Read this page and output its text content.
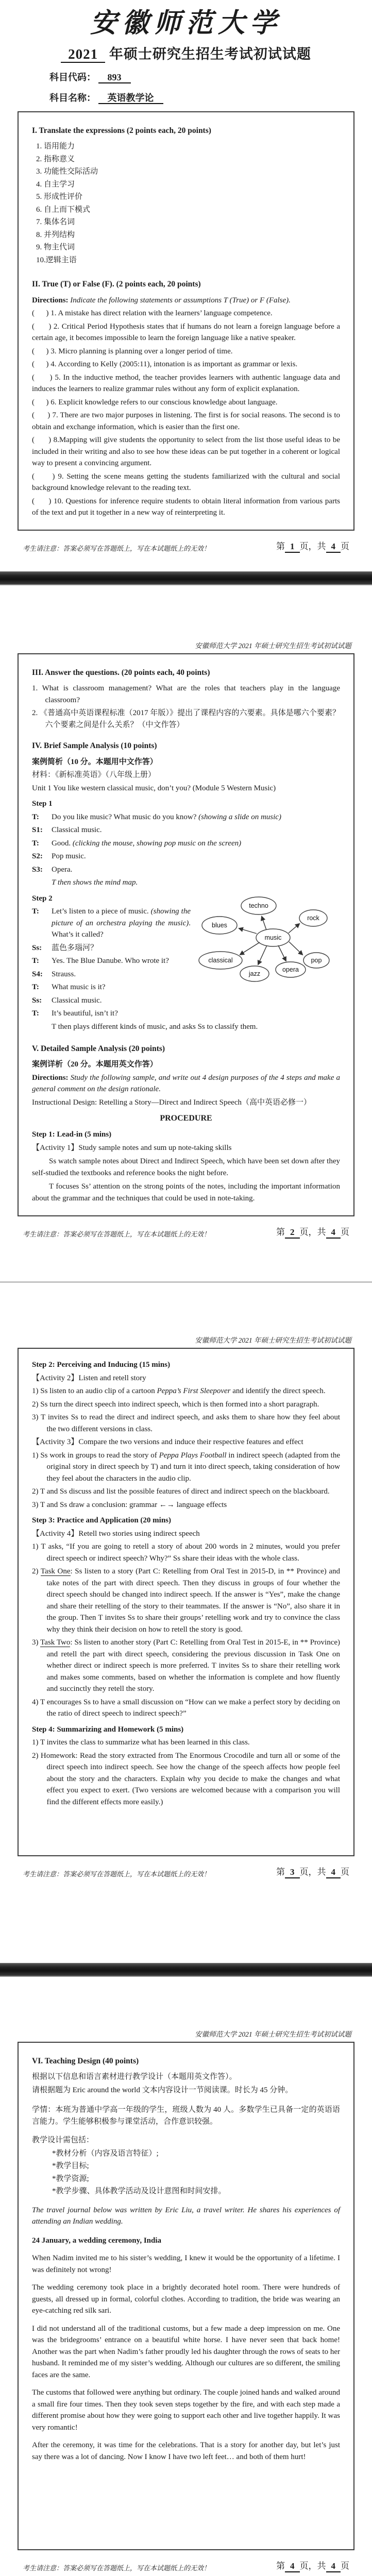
安徽师范大学
2021 年硕士研究生招生考试初试试题
科目代码： 893
科目名称： 英语教学论
I. Translate the expressions (2 points each, 20 points)

1. 语用能力

2. 指称意义

3. 功能性交际活动

4. 自主学习

5. 形成性评价

6. 自上而下模式

7. 集体名词

8. 并列结构

9. 物主代词

10.逻辑主语

II. True (T) or False (F). (2 points each, 20 points)

Directions: Indicate the following statements or assumptions T (True) or F (False).

(      ) 1. A mistake has direct relation with the learners’ language competence.

(      ) 2. Critical Period Hypothesis states that if humans do not learn a foreign language before a certain age, it becomes impossible to learn the foreign language like a native speaker.

(      ) 3. Micro planning is planning over a longer period of time.

(      ) 4. According to Kelly (2005:11), intonation is as important as grammar or lexis.

(      ) 5. In the inductive method, the teacher provides learners with authentic language data and induces the learners to realize grammar rules without any form of explicit explanation.

(      ) 6. Explicit knowledge refers to our conscious knowledge about language.

(      ) 7. There are two major purposes in listening. The first is for social reasons. The second is to obtain and exchange information, which is easier than the first one.

(      ) 8.Mapping will give students the opportunity to select from the list those useful ideas to be included in their writing and also to see how these ideas can be put together in a coherent or logical way to present a convincing argument.

(      ) 9. Setting the scene means getting the students familiarized with the cultural and social background knowledge relevant to the reading text.

(      ) 10. Questions for inference require students to obtain literal information from various parts of the text and put it together in a new way of reinterpreting it.

考生请注意：答案必须写在答题纸上，写在本试题纸上的无效！	第 1 页，共 4 页
安徽师范大学 2021 年硕士研究生招生考试初试试题
III. Answer the questions. (20 points each, 40 points)

1. What is classroom management? What are the roles that teachers play in the language classroom?

2. 《普通高中英语课程标准（2017 年版）》提出了课程内容的六要素。具体是哪六个要素？六个要素之间是什么关系？（中文作答）

IV. Brief Sample Analysis (10 points)

案例简析（10 分。本题用中文作答）

材料：《新标准英语》（八年级上册）

Unit 1 You like western classical music, don’t you? (Module 5 Western Music)

Step 1

T:	Do you like music? What music do you know? (showing a slide on music)
S1:	Classical music.
T:	Good. (clicking the mouse, showing pop music on the screen)
S2:	Pop music.
S3:	Opera.

T then shows the mind map.

music
techno
rock
blues
classical
jazz
opera
pop

Step 2

T:	Let’s listen to a piece of music. (showing the picture of an orchestra playing the music). What’s it called?
Ss:	蓝色多瑙河？
T:	Yes. The Blue Danube. Who wrote it?
S4:	Strauss.
T:	What music is it?
Ss:	Classical music.
T:	It’s beautiful, isn’t it?

T then plays different kinds of music, and asks Ss to classify them.

V. Detailed Sample Analysis (20 points)

案例详析（20 分。本题用英文作答）

Directions: Study the following sample, and write out 4 design purposes of the 4 steps and make a general comment on the design rationale.

Instructional Design: Retelling a Story—Direct and Indirect Speech（高中英语必修一）

PROCEDURE

Step 1: Lead-in (5 mins)

【Activity 1】Study sample notes and sum up note-taking skills

Ss watch sample notes about Direct and Indirect Speech, which have been set down after they self-studied the textbooks and reference books the night before.

T focuses Ss’ attention on the strong points of the notes, including the important information about the grammar and the techniques that could be used in note-taking.

考生请注意：答案必须写在答题纸上，写在本试题纸上的无效！	第 2 页，共 4 页
安徽师范大学 2021 年硕士研究生招生考试初试试题

Step 2: Perceiving and Inducing (15 mins)

【Activity 2】Listen and retell story

1) Ss listen to an audio clip of a cartoon Peppa’s First Sleepover and identify the direct speech.

2) Ss turn the direct speech into indirect speech, which is then formed into a short paragraph.

3) T invites Ss to read the direct and indirect speech, and asks them to share how they feel about the two different versions in class.

【Activity 3】Compare the two versions and induce their respective features and effect

1) Ss work in groups to read the story of Peppa Plays Football in indirect speech (adapted from the original story in direct speech by T) and turn it into direct speech, taking consideration of how they feel about the characters in the audio clip.

2) T and Ss discuss and list the possible features of direct and indirect speech on the blackboard.

3) T and Ss draw a conclusion: grammar ←→ language effects

Step 3: Practice and Application (20 mins)

【Activity 4】Retell two stories using indirect speech

1) T asks, “If you are going to retell a story of about 200 words in 2 minutes, would you prefer direct speech or indirect speech? Why?” Ss share their ideas with the whole class.

2) Task One: Ss listen to a story (Part C: Retelling from Oral Test in 2015-D, in ** Province) and take notes of the part with direct speech. Then they discuss in groups of four whether the direct speech should be changed into indirect speech. If the answer is “Yes”, make the change and share their retelling of the story to their teammates. If the answer is “No”, also share it in the group. Then T invites Ss to share their groups’ retelling work and try to convince the class why they think their decision on how to retell the story is good.

3) Task Two: Ss listen to another story (Part C: Retelling from Oral Test in 2015-E, in ** Province) and retell the part with direct speech, considering the previous discussion in Task One on whether direct or indirect speech is more preferred. T invites Ss to share their retelling work and makes some comments, based on whether the information is complete and how fluently and succinctly they retell the story.

4) T encourages Ss to have a small discussion on “How can we make a perfect story by deciding on the ratio of direct speech to indirect speech?”

Step 4: Summarizing and Homework (5 mins)

1) T invites the class to summarize what has been learned in this class.

2) Homework: Read the story extracted from The Enormous Crocodile and turn all or some of the direct speech into indirect speech. See how the change of the speech affects how people feel about the story and the characters. Explain why you decide to make the changes and what effect you expect to exert. (Two versions are welcomed because with a comparison you will find the different effects more easily.)

考生请注意：答案必须写在答题纸上，写在本试题纸上的无效！	第 3 页，共 4 页
安徽师范大学 2021 年硕士研究生招生考试初试试题
VI. Teaching Design (40 points)

根据以下信息和语言素材进行教学设计（本题用英文作答）。

请根据题为 Eric around the world 文本内容设计一节阅读课。时长为 45 分钟。

学情：本班为普通中学高一年级的学生，班级人数为 40 人。多数学生已具备一定的英语语言能力。学生能够积极参与课堂活动，合作意识较强。

教学设计需包括：

*教材分析（内容及语言特征）;

*教学目标;

*教学资源;

*教学步骤、具体教学活动及设计意图和时间安排。

The travel journal below was written by Eric Liu, a travel writer. He shares his experiences of attending an Indian wedding.

24 January, a wedding ceremony, India

When Nadim invited me to his sister’s wedding, I knew it would be the opportunity of a lifetime. I was definitely not wrong!

The wedding ceremony took place in a brightly decorated hotel room. There were hundreds of guests, all dressed up in formal, colorful clothes. According to tradition, the bride was wearing an eye-catching red silk sari.

I did not understand all of the traditional customs, but a few made a deep impression on me. One was the bridegrooms’ entrance on a beautiful white horse. I have never seen that back home! Another was the part when Nadim’s father proudly led his daughter through the rows of seats to her husband. It reminded me of my sister’s wedding. Although our cultures are so different, the smiling faces are the same.

The customs that followed were anything but ordinary. The couple joined hands and walked around a small fire four times. Then they took seven steps together by the fire, and with each step made a different promise about how they were going to support each other and live together happily. It was very romantic!

After the ceremony, it was time for the celebrations. That is a story for another day, but let’s just say there was a lot of dancing. Now I know I have two left feet… and both of them hurt!

考生请注意：答案必须写在答题纸上，写在本试题纸上的无效！	第 4 页，共 4 页
